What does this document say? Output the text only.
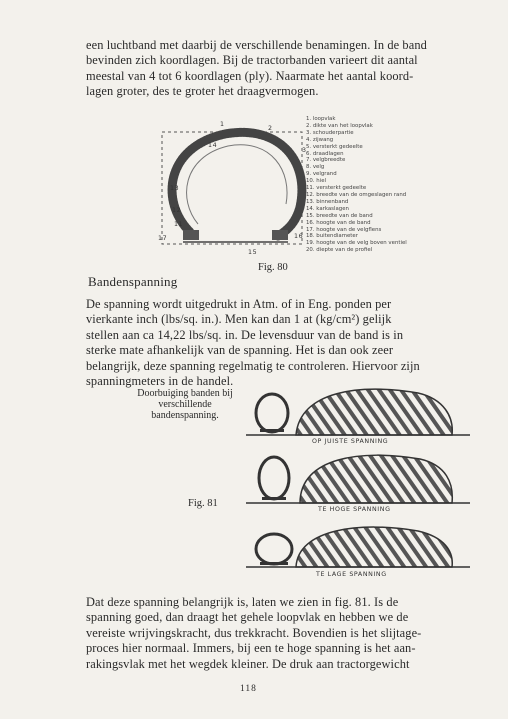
een luchtband met daarbij de verschillende benamingen. In de band
bevinden zich koordlagen. Bij de tractorbanden varieert dit aantal
meestal van 4 tot 6 koordlagen (ply). Naarmate het aantal koord-
lagen groter, des te groter het draagvermogen.
1
2
3
14
13
12
11
17	16
15
1. loopvlak
2. dikte van het loopvlak
3. schouderpartie
4. zijwang
5. versterkt gedeelte
6. draadlagen
7. velgbreedte
8. velg
9. velgrand
10. hiel
11. versterkt gedeelte
12. breedte van de omgeslagen rand
13. binnenband
14. karkaslagen
15. breedte van de band
16. hoogte van de band
17. hoogte van de velgflens
18. buitendiameter
19. hoogte van de velg boven ventiel
20. diepte van de profiel
Fig. 80
Bandenspanning
De spanning wordt uitgedrukt in Atm. of in Eng. ponden per
vierkante inch (lbs/sq. in.). Men kan dan 1 at (kg/cm²) gelijk
stellen aan ca 14,22 lbs/sq. in. De levensduur van de band is in
sterke mate afhankelijk van de spanning. Het is dan ook zeer
belangrijk, deze spanning regelmatig te controleren. Hiervoor zijn
spanningmeters in de handel.
Doorbuiging banden bij verschillende bandenspanning.
Fig. 81
OP JUISTE SPANNING
TE HOGE SPANNING
TE LAGE SPANNING
Dat deze spanning belangrijk is, laten we zien in fig. 81. Is de
spanning goed, dan draagt het gehele loopvlak en hebben we de
vereiste wrijvingskracht, dus trekkracht. Bovendien is het slijtage-
proces hier normaal. Immers, bij een te hoge spanning is het aan-
rakingsvlak met het wegdek kleiner. De druk aan tractorgewicht
118
